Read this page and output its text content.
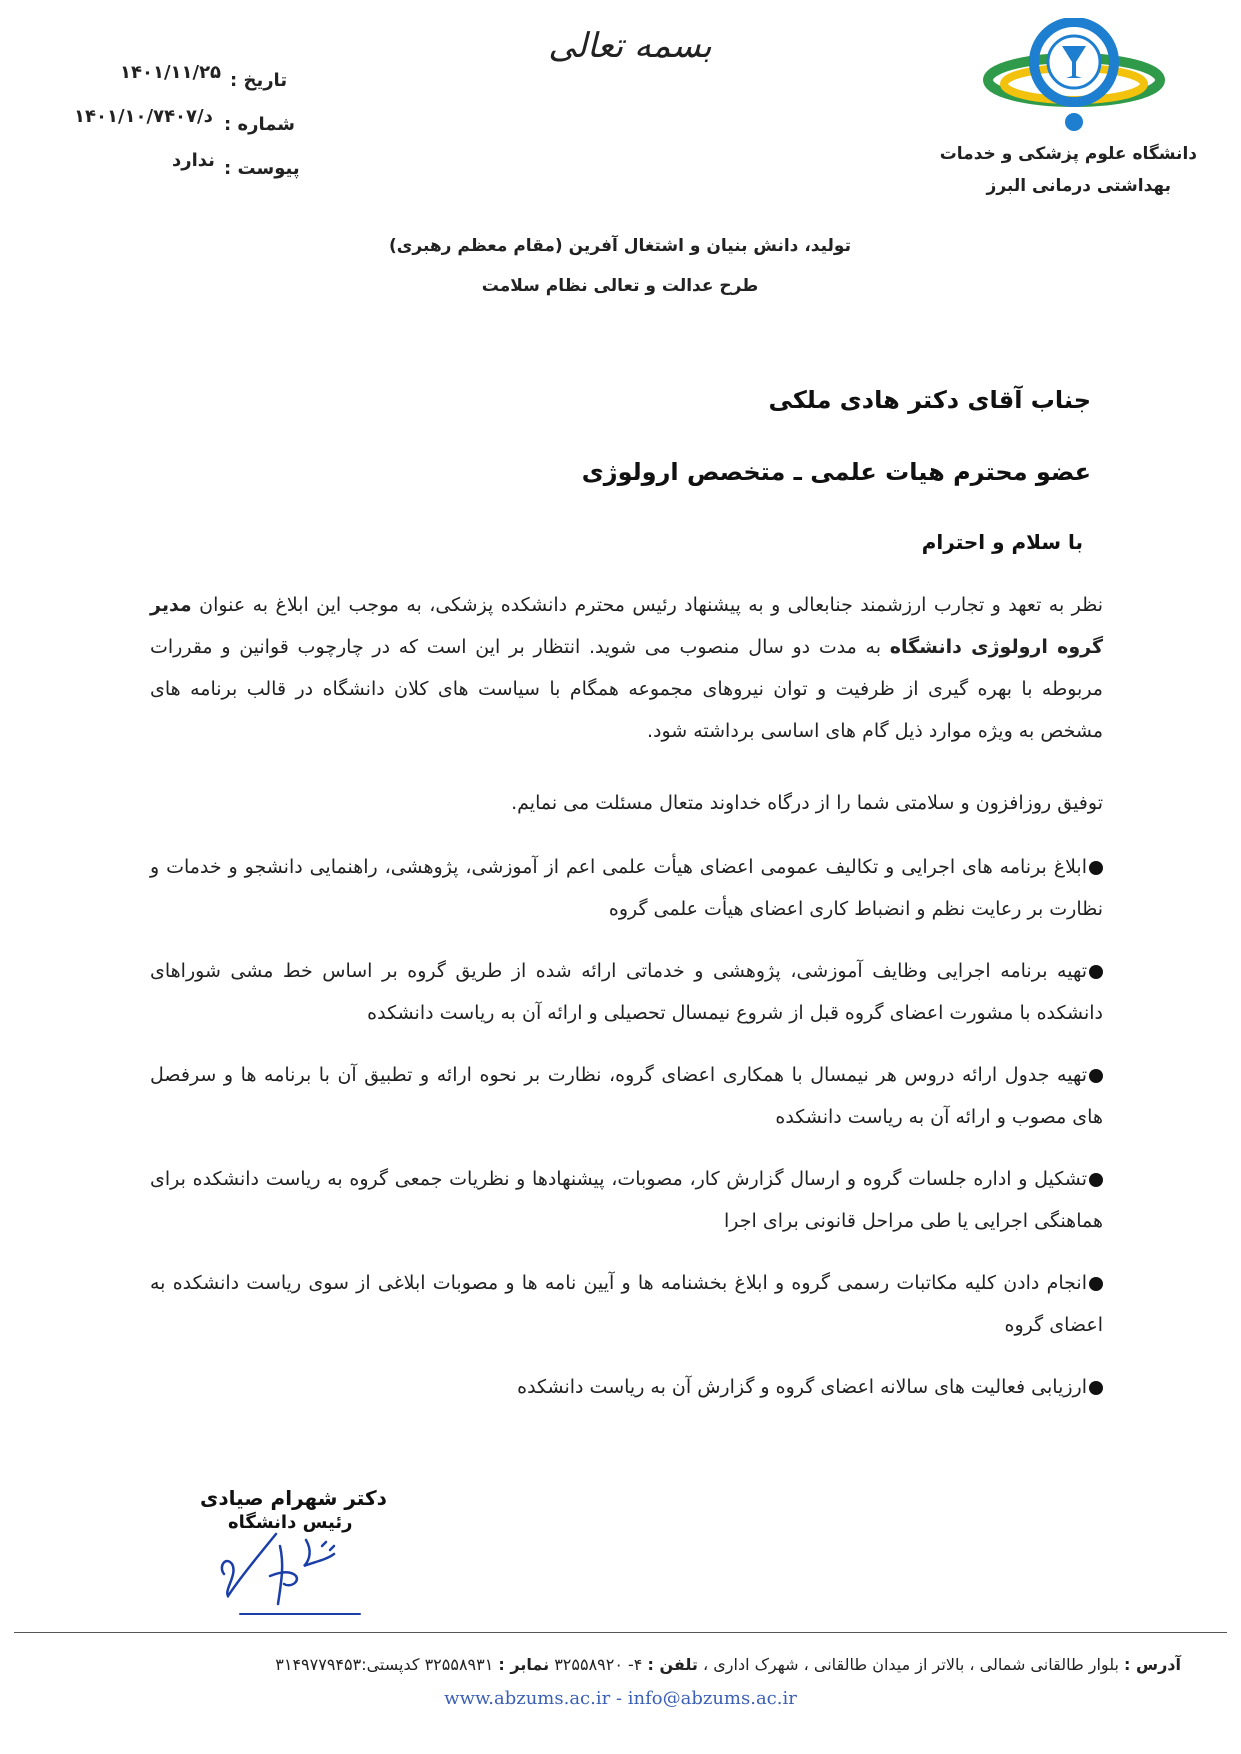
دانشگاه علوم پزشکی و خدمات
بهداشتی درمانی البرز
بسمه تعالی
تاریخ :
۱۴۰۱/۱۱/۲۵
شماره :
۱۴۰۱/د/۱۰/۷۴۰۷
پیوست :
ندارد
تولید، دانش بنیان و اشتغال آفرین (مقام معظم رهبری)
طرح عدالت و تعالی نظام سلامت
جناب آقای دکتر هادی ملکی
عضو محترم هیات علمی ـ متخصص ارولوژی
با سلام و احترام
نظر به تعهد و تجارب ارزشمند جنابعالی و به پیشنهاد رئیس محترم دانشکده پزشکی، به موجب این ابلاغ به عنوان مدیر گروه ارولوژی دانشگاه به مدت دو سال منصوب می شوید. انتظار بر این است که در چارچوب قوانین و مقررات مربوطه با بهره گیری از ظرفیت و توان نیروهای مجموعه همگام با سیاست های کلان دانشگاه در قالب برنامه های مشخص به ویژه موارد ذیل گام های اساسی برداشته شود.
توفیق روزافزون و سلامتی شما را از درگاه خداوند متعال مسئلت می نمایم.
ابلاغ برنامه های اجرایی و تکالیف عمومی اعضای هیأت علمی اعم از آموزشی، پژوهشی، راهنمایی دانشجو و خدمات و نظارت بر رعایت نظم و انضباط کاری اعضای هیأت علمی گروه
تهیه برنامه اجرایی وظایف آموزشی، پژوهشی و خدماتی ارائه شده از طریق گروه بر اساس خط مشی شوراهای دانشکده با مشورت اعضای گروه قبل از شروع نیمسال تحصیلی و ارائه آن به ریاست دانشکده
تهیه جدول ارائه دروس هر نیمسال با همکاری اعضای گروه، نظارت بر نحوه ارائه و تطبیق آن با برنامه ها و سرفصل های مصوب و ارائه آن به ریاست دانشکده
تشکیل و اداره جلسات گروه و ارسال گزارش کار، مصوبات، پیشنهادها و نظریات جمعی گروه به ریاست دانشکده برای هماهنگی اجرایی یا طی مراحل قانونی برای اجرا
انجام دادن کلیه مکاتبات رسمی گروه و ابلاغ بخشنامه ها و آیین نامه ها و مصوبات ابلاغی از سوی ریاست دانشکده به اعضای گروه
ارزیابی فعالیت های سالانه اعضای گروه و گزارش آن به ریاست دانشکده
دکتر شهرام صیادی
رئیس دانشگاه
آدرس : بلوار طالقانی شمالی ، بالاتر از میدان طالقانی ، شهرک اداری ، تلفن : ۴- ۳۲۵۵۸۹۲۰ نمابر : ۳۲۵۵۸۹۳۱ کدپستی:۳۱۴۹۷۷۹۴۵۳
www.abzums.ac.ir - info@abzums.ac.ir
